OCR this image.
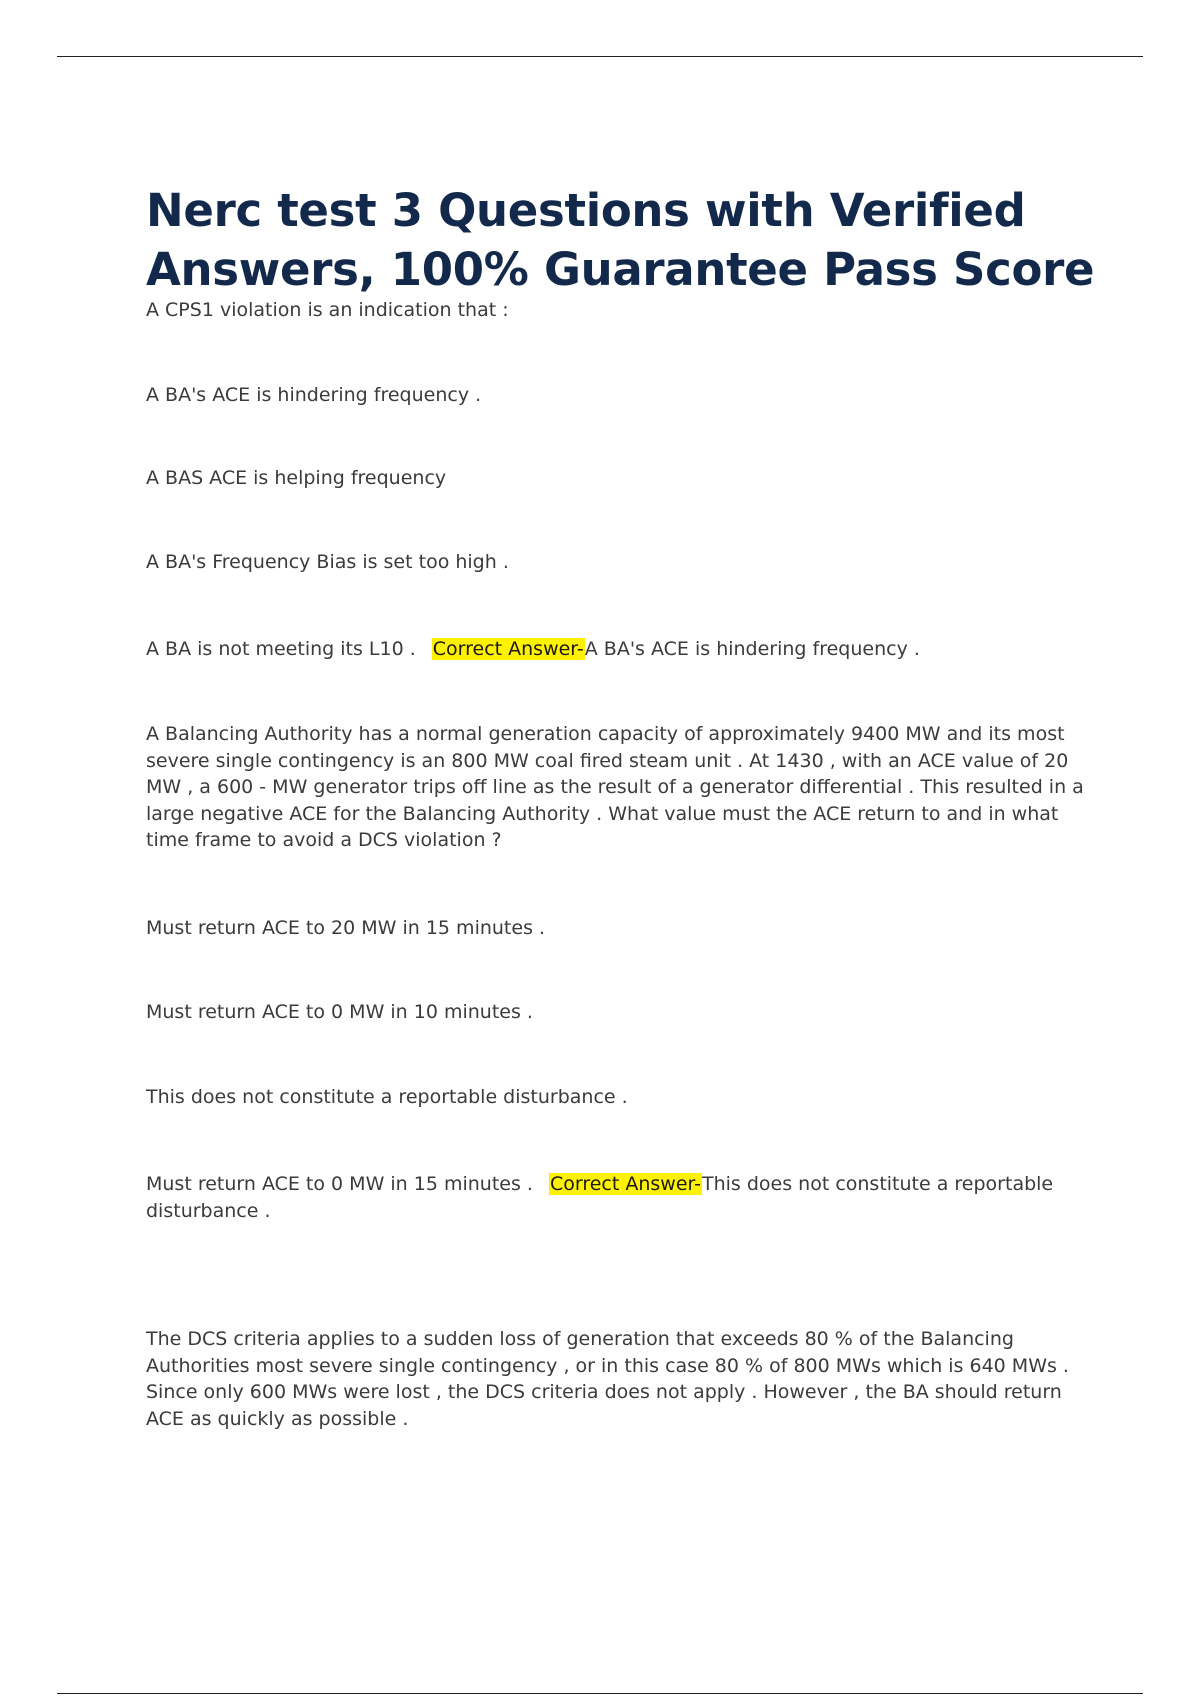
Nerc test 3 Questions with Verified
Answers, 100% Guarantee Pass Score

A CPS1 violation is an indication that :

A BA's ACE is hindering frequency .

A BAS ACE is helping frequency

A BA's Frequency Bias is set too high .

A BA is not meeting its L10 . Correct Answer-A BA's ACE is hindering frequency .

A Balancing Authority has a normal generation capacity of approximately 9400 MW and its most severe single contingency is an 800 MW coal fired steam unit . At 1430 , with an ACE value of 20 MW , a 600 - MW generator trips off line as the result of a generator differential . This resulted in a large negative ACE for the Balancing Authority . What value must the ACE return to and in what time frame to avoid a DCS violation ?

Must return ACE to 20 MW in 15 minutes .

Must return ACE to 0 MW in 10 minutes .

This does not constitute a reportable disturbance .

Must return ACE to 0 MW in 15 minutes . Correct Answer-This does not constitute a reportable disturbance .

The DCS criteria applies to a sudden loss of generation that exceeds 80 % of the Balancing Authorities most severe single contingency , or in this case 80 % of 800 MWs which is 640 MWs . Since only 600 MWs were lost , the DCS criteria does not apply . However , the BA should return ACE as quickly as possible .
